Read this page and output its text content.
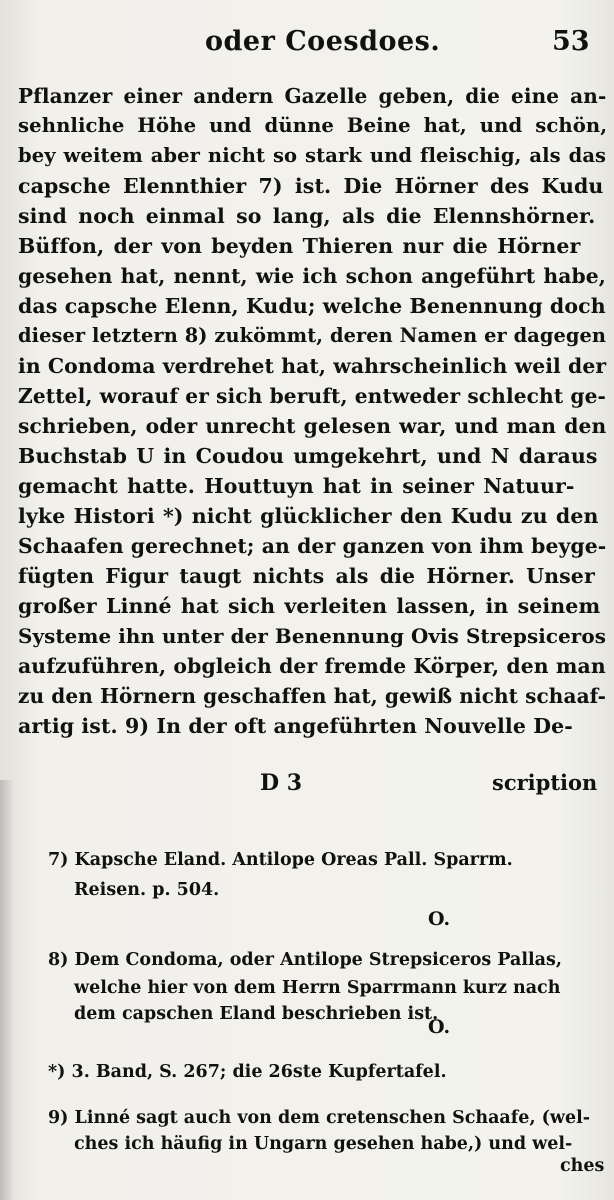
oder Coesdoes.	53
Pflanzer einer andern Gazelle geben, die eine an-
sehnliche Höhe und dünne Beine hat, und schön,
bey weitem aber nicht so stark und fleischig, als das
capsche Elennthier 7) ist. Die Hörner des Kudu
sind noch einmal so lang, als die Elennshörner.
Büffon, der von beyden Thieren nur die Hörner
gesehen hat, nennt, wie ich schon angeführt habe,
das capsche Elenn, Kudu; welche Benennung doch
dieser letztern 8) zukömmt, deren Namen er dagegen
in Condoma verdrehet hat, wahrscheinlich weil der
Zettel, worauf er sich beruft, entweder schlecht ge-
schrieben, oder unrecht gelesen war, und man den
Buchstab U in Coudou umgekehrt, und N daraus
gemacht hatte. Houttuyn hat in seiner Natuur-
lyke Histori *) nicht glücklicher den Kudu zu den
Schaafen gerechnet; an der ganzen von ihm beyge-
fügten Figur taugt nichts als die Hörner. Unser
großer Linné hat sich verleiten lassen, in seinem
Systeme ihn unter der Benennung Ovis Strepsiceros
aufzuführen, obgleich der fremde Körper, den man
zu den Hörnern geschaffen hat, gewiß nicht schaaf-
artig ist. 9) In der oft angeführten Nouvelle De-
D 3	scription
7) Kapsche Eland. Antilope Oreas Pall. Sparrm.
Reisen. p. 504.
O.
8) Dem Condoma, oder Antilope Strepsiceros Pallas,
welche hier von dem Herrn Sparrmann kurz nach
dem capschen Eland beschrieben ist.
O.
*) 3. Band, S. 267; die 26ste Kupfertafel.
9) Linné sagt auch von dem cretenschen Schaafe, (wel-
ches ich häufig in Ungarn gesehen habe,) und wel-
ches
